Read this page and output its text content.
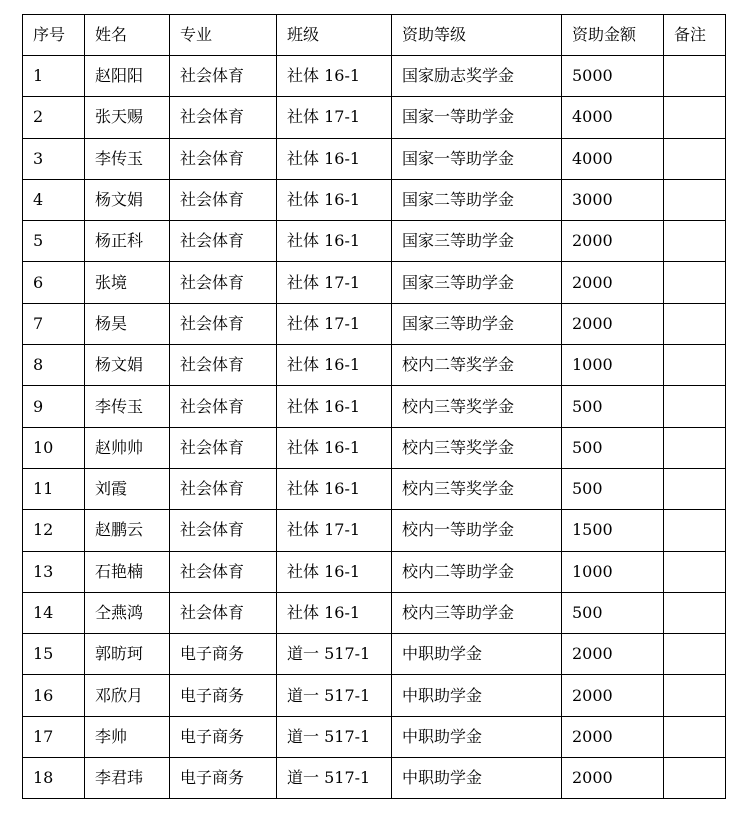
序号	姓名	专业	班级	资助等级	资助金额	备注
1	赵阳阳	社会体育	社体 16-1	国家励志奖学金	5000	
2	张天赐	社会体育	社体 17-1	国家一等助学金	4000	
3	李传玉	社会体育	社体 16-1	国家一等助学金	4000	
4	杨文娟	社会体育	社体 16-1	国家二等助学金	3000	
5	杨正科	社会体育	社体 16-1	国家三等助学金	2000	
6	张境	社会体育	社体 17-1	国家三等助学金	2000	
7	杨昊	社会体育	社体 17-1	国家三等助学金	2000	
8	杨文娟	社会体育	社体 16-1	校内二等奖学金	1000	
9	李传玉	社会体育	社体 16-1	校内三等奖学金	500	
10	赵帅帅	社会体育	社体 16-1	校内三等奖学金	500	
11	刘霞	社会体育	社体 16-1	校内三等奖学金	500	
12	赵鹏云	社会体育	社体 17-1	校内一等助学金	1500	
13	石艳楠	社会体育	社体 16-1	校内二等助学金	1000	
14	仝燕鸿	社会体育	社体 16-1	校内三等助学金	500	
15	郭昉珂	电子商务	道一 517-1	中职助学金	2000	
16	邓欣月	电子商务	道一 517-1	中职助学金	2000	
17	李帅	电子商务	道一 517-1	中职助学金	2000	
18	李君玮	电子商务	道一 517-1	中职助学金	2000	
